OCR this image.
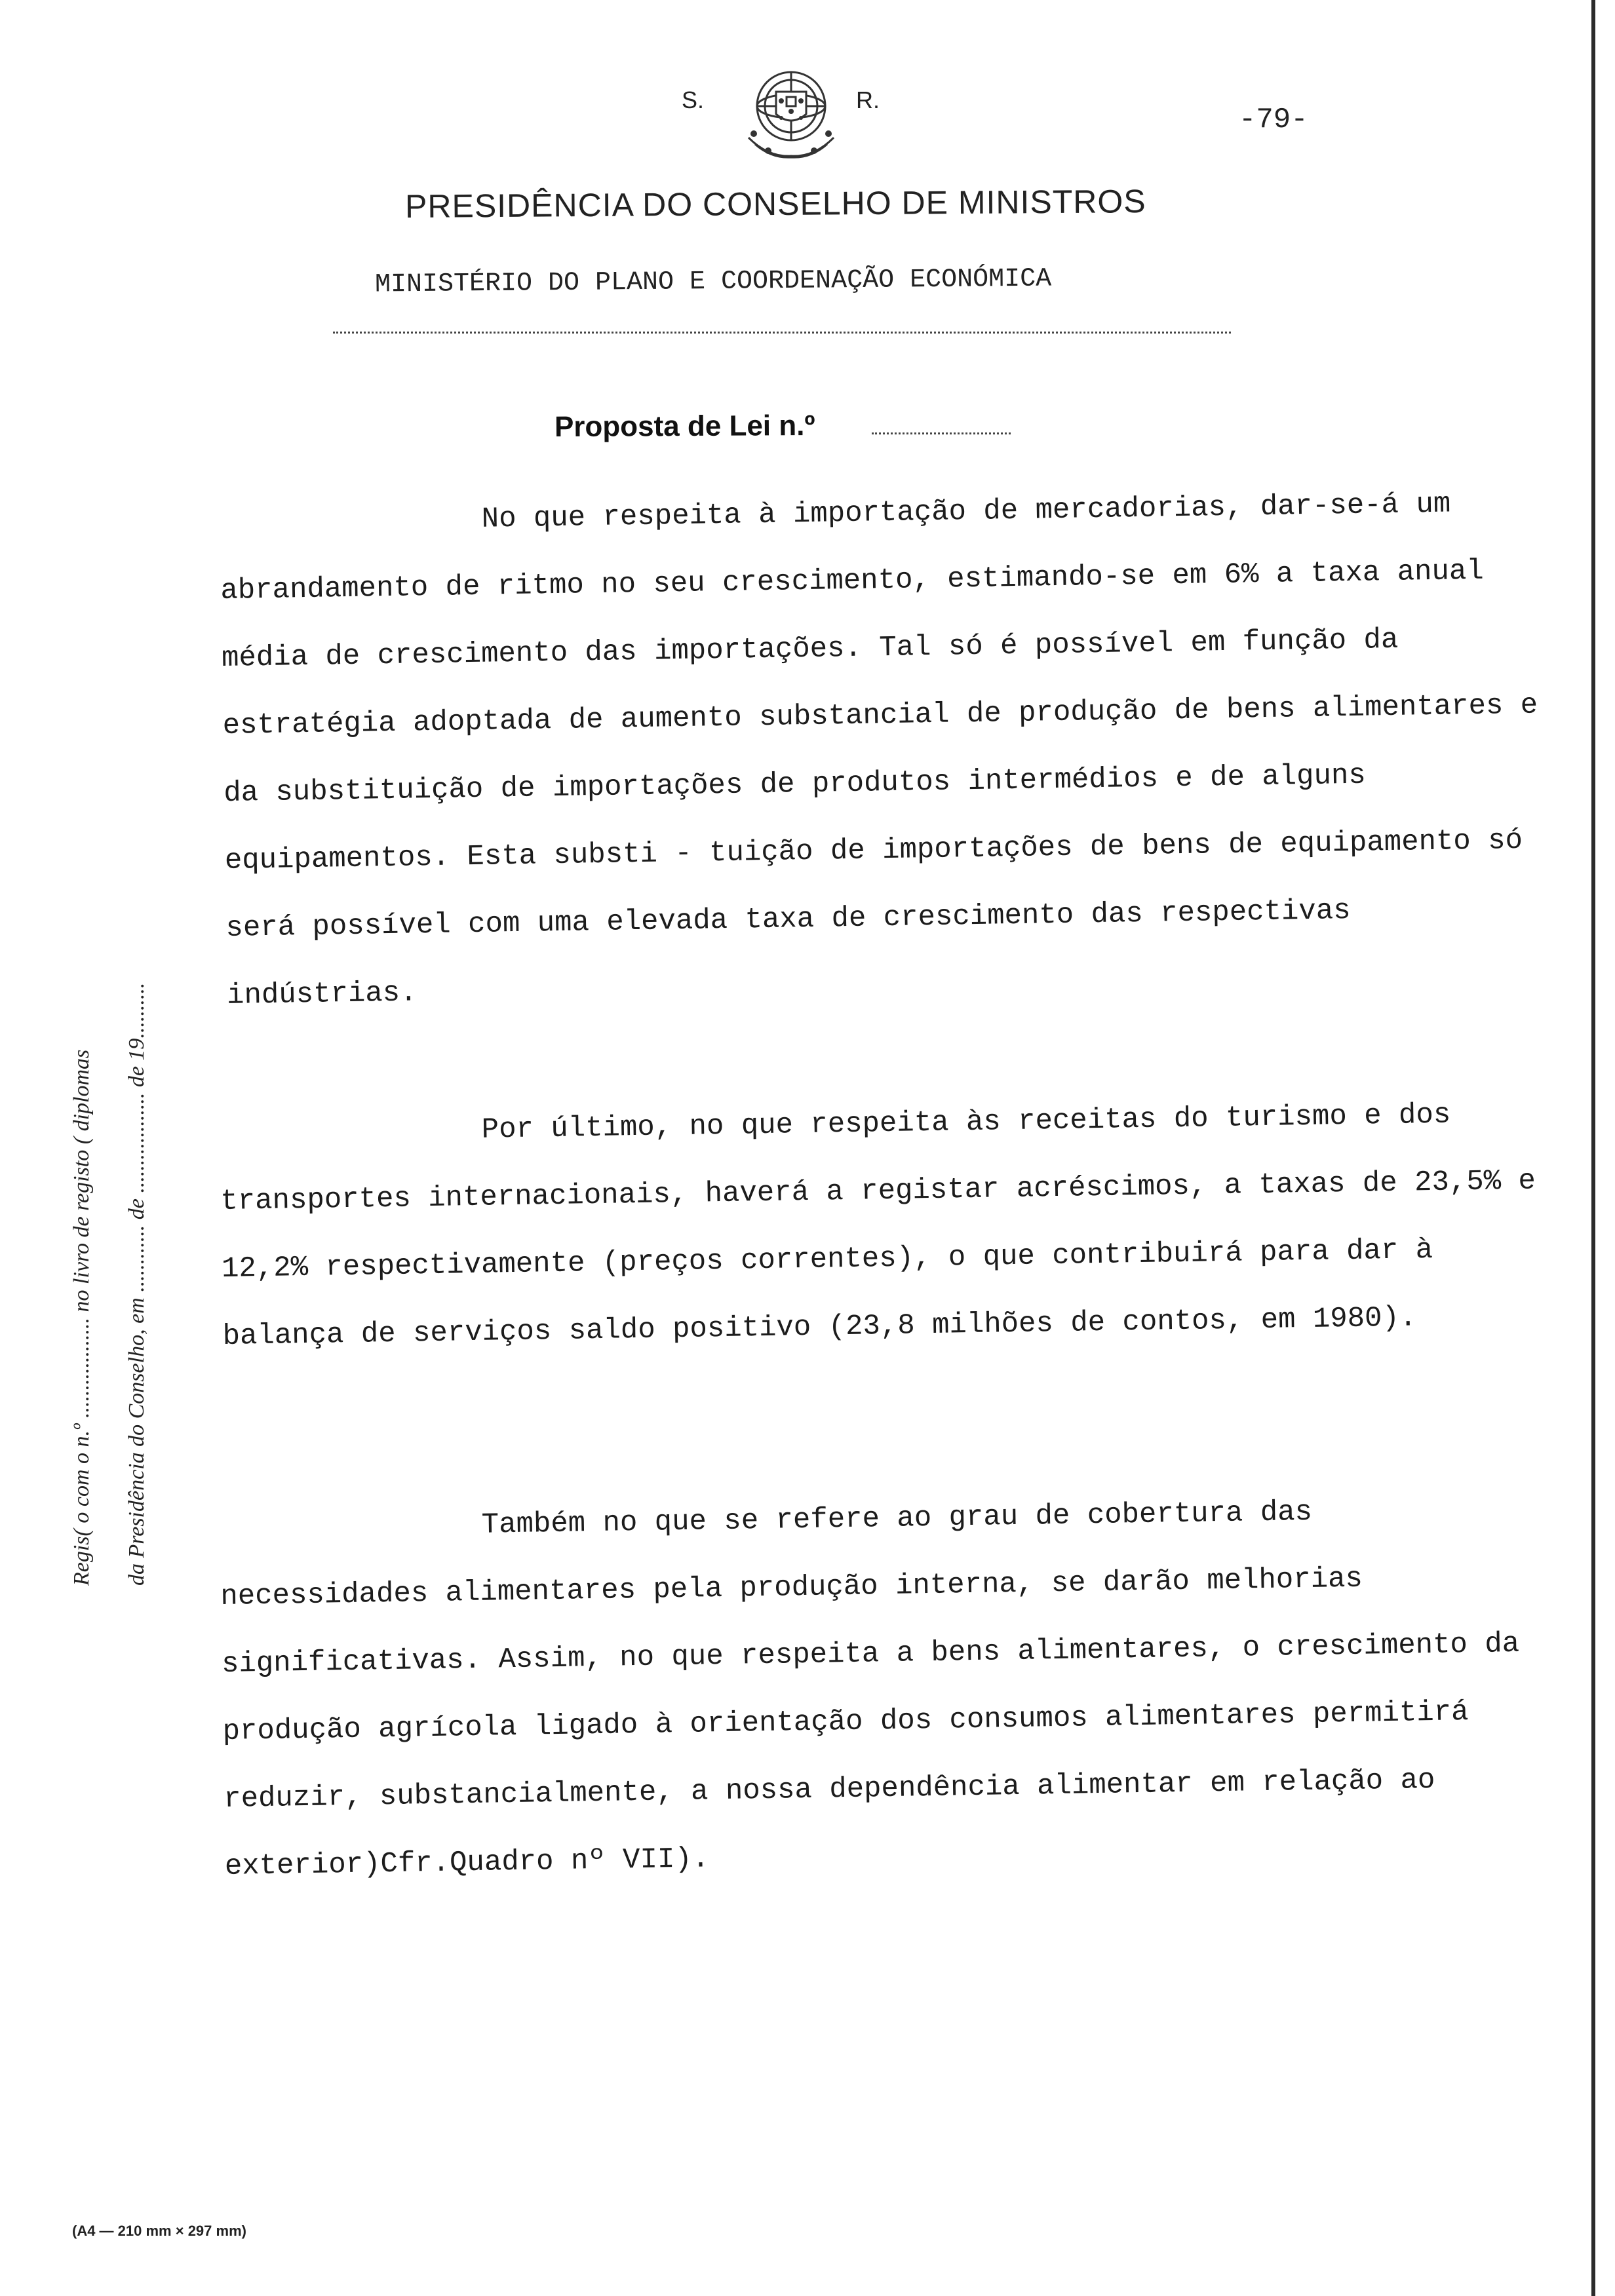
S.	R.
-79-
PRESIDÊNCIA DO CONSELHO DE MINISTROS
MINISTÉRIO DO PLANO E COORDENAÇÃO ECONÓMICA
Proposta de Lei n.º

No que respeita à importação de mercadorias, dar-se-á um abrandamento de ritmo no seu crescimento, estimando-se em 6% a taxa anual média de crescimento das importações. Tal só é possível em função da estratégia adoptada de aumento substancial de produção de bens alimentares e da substituição de importações de produtos intermédios e de alguns equipamentos. Esta substi - tuição de importações de bens de equipamento só será possível com uma elevada taxa de crescimento das respectivas indústrias.

Por último, no que respeita às receitas do turismo e dos transportes internacionais, haverá a registar acréscimos, a taxas de 23,5% e 12,2% respectivamente (preços correntes), o que contribuirá para dar à balança de serviços saldo positivo (23,8 milhões de contos, em 1980).

Também no que se refere ao grau de cobertura das necessidades alimentares pela produção interna, se darão melhorias significativas. Assim, no que respeita a bens alimentares, o crescimento da produção agrícola ligado à orientação dos consumos alimentares permitirá reduzir, substancialmente, a nossa dependência alimentar em relação ao exterior)Cfr.Quadro nº VII).

Regis( o com o n.º .................. no livro de registo ( diplomas da Presidência do Conselho, em ............ de .................. de 19..........
(A4 — 210 mm × 297 mm)
